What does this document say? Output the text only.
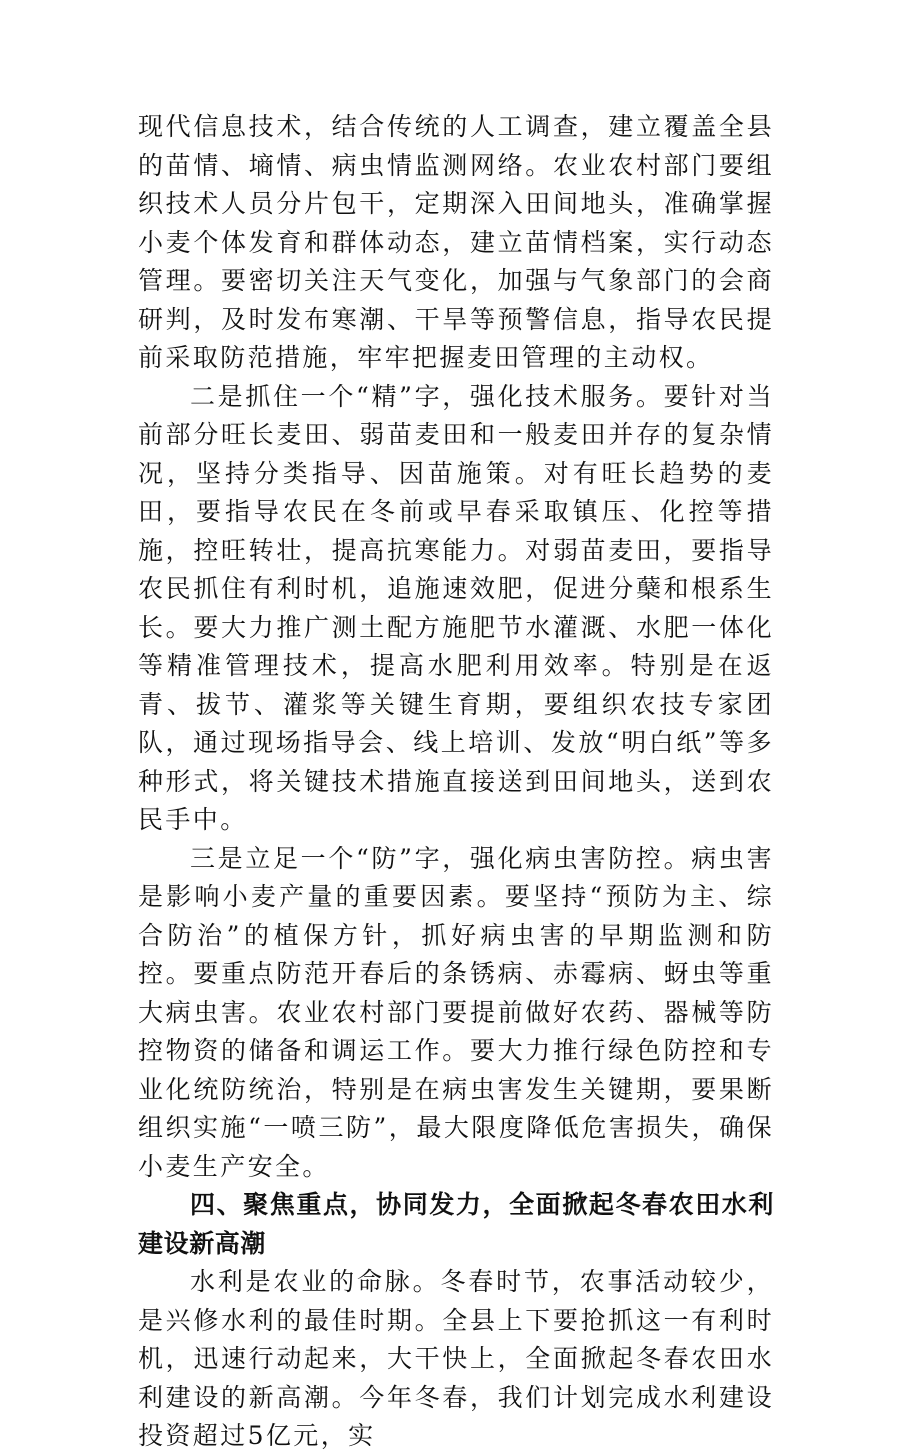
现代信息技术，结合传统的人工调查，建立覆盖全县的苗情、墒情、病虫情监测网络。农业农村部门要组织技术人员分片包干，定期深入田间地头，准确掌握小麦个体发育和群体动态，建立苗情档案，实行动态管理。要密切关注天气变化，加强与气象部门的会商研判，及时发布寒潮、干旱等预警信息，指导农民提前采取防范措施，牢牢把握麦田管理的主动权。

二是抓住一个“精”字，强化技术服务。要针对当前部分旺长麦田、弱苗麦田和一般麦田并存的复杂情况，坚持分类指导、因苗施策。对有旺长趋势的麦田，要指导农民在冬前或早春采取镇压、化控等措施，控旺转壮，提高抗寒能力。对弱苗麦田，要指导农民抓住有利时机，追施速效肥，促进分蘖和根系生长。要大力推广测土配方施肥节水灌溉、水肥一体化等精准管理技术，提高水肥利用效率。特别是在返青、拔节、灌浆等关键生育期，要组织农技专家团队，通过现场指导会、线上培训、发放“明白纸”等多种形式，将关键技术措施直接送到田间地头，送到农民手中。

三是立足一个“防”字，强化病虫害防控。病虫害是影响小麦产量的重要因素。要坚持“预防为主、综合防治”的植保方针，抓好病虫害的早期监测和防控。要重点防范开春后的条锈病、赤霉病、蚜虫等重大病虫害。农业农村部门要提前做好农药、器械等防控物资的储备和调运工作。要大力推行绿色防控和专业化统防统治，特别是在病虫害发生关键期，要果断组织实施“一喷三防”，最大限度降低危害损失，确保小麦生产安全。

四、聚焦重点，协同发力，全面掀起冬春农田水利建设新高潮

水利是农业的命脉。冬春时节，农事活动较少，是兴修水利的最佳时期。全县上下要抢抓这一有利时机，迅速行动起来，大干快上，全面掀起冬春农田水利建设的新高潮。今年冬春，我们计划完成水利建设投资超过5亿元，实
